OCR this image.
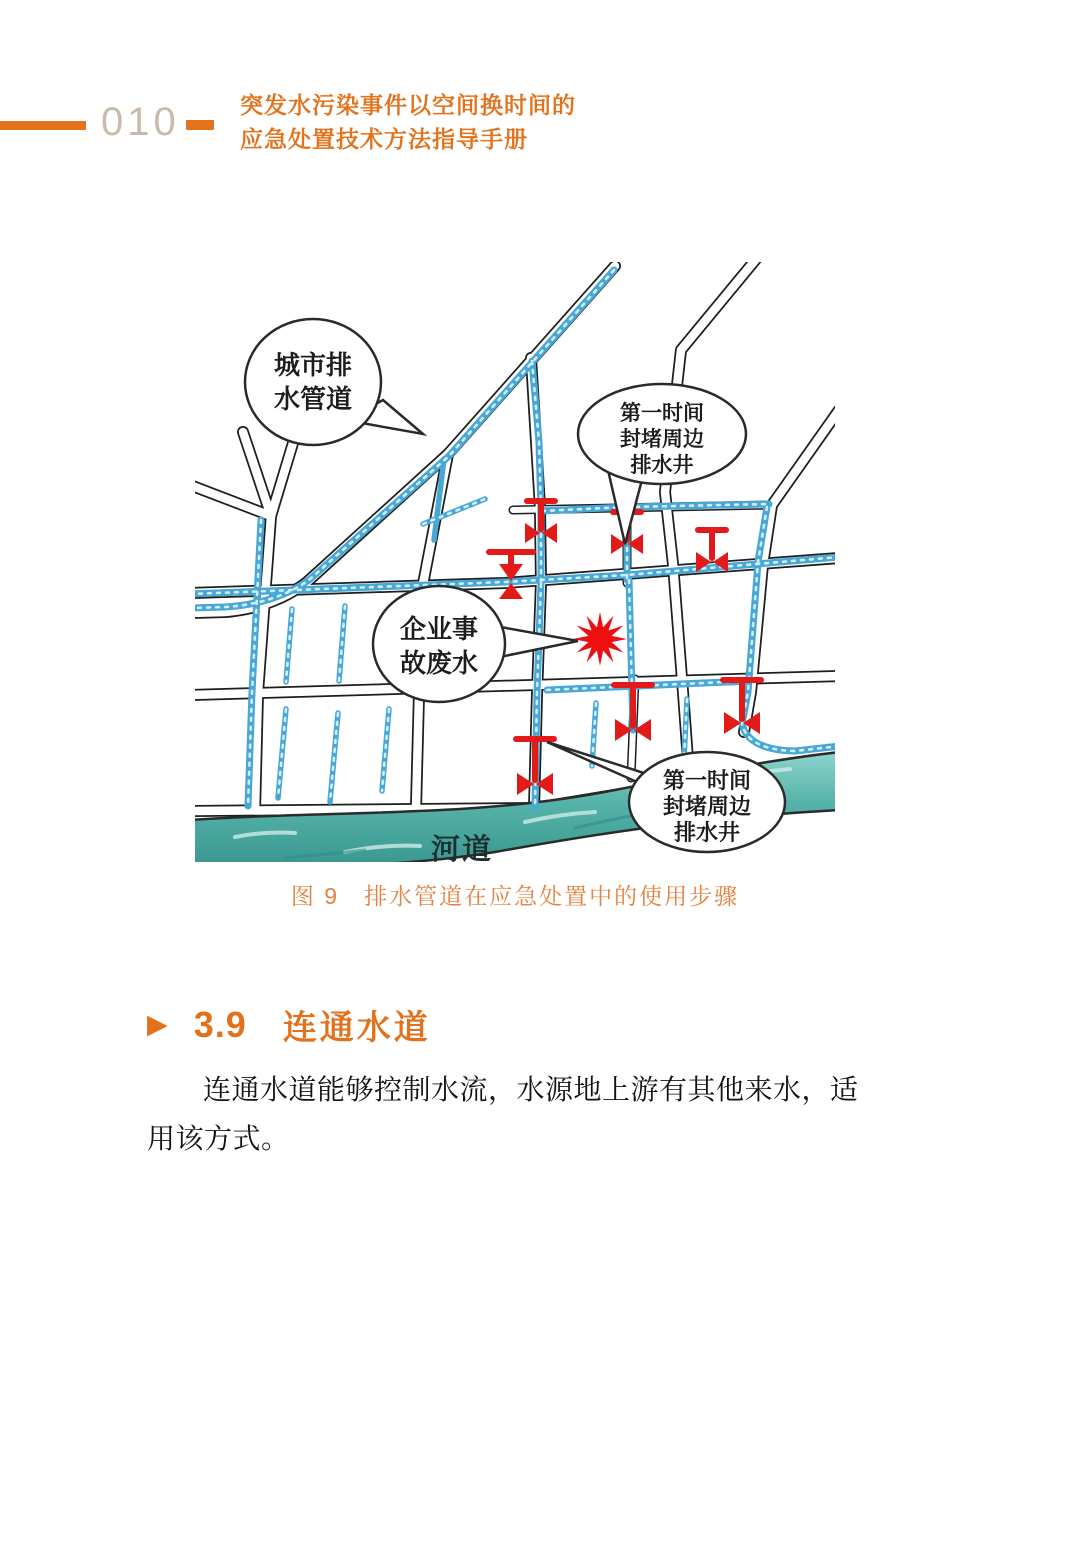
010	突发水污染事件以空间换时间的
应急处置技术方法指导手册
河道
城市排
水管道	第一时间
封堵周边
排水井
企业事
故废水
第一时间
封堵周边
排水井
图 9　排水管道在应急处置中的使用步骤
▶ 3.9 连通水道
连通水道能够控制水流，水源地上游有其他来水，适
用该方式。
